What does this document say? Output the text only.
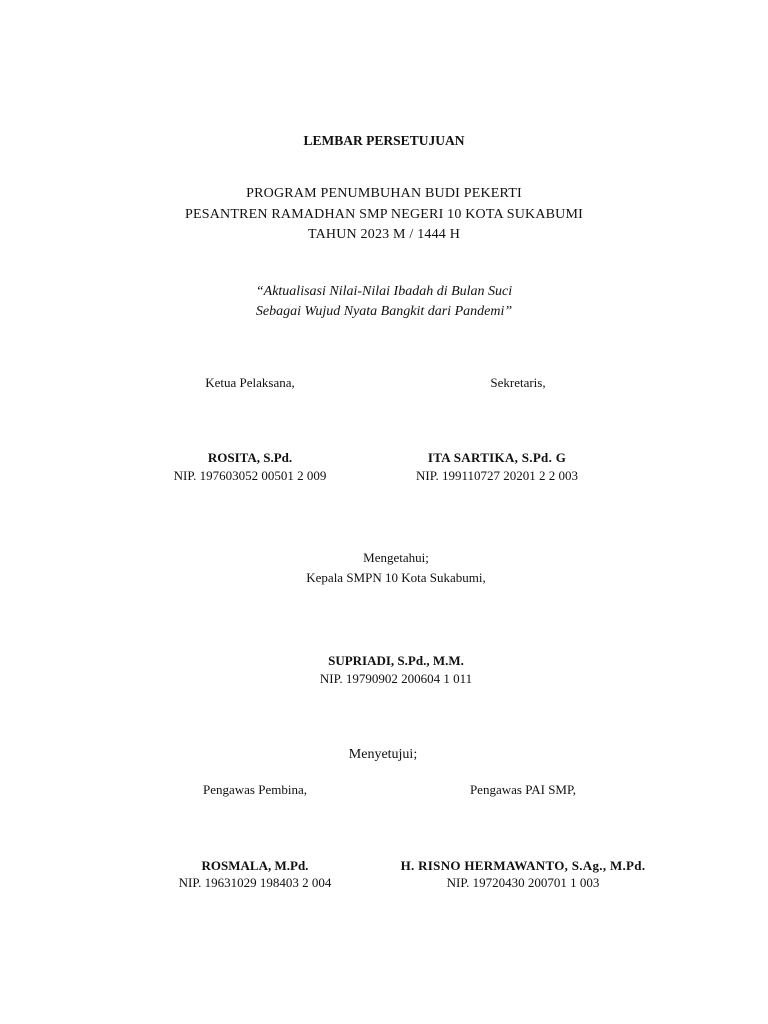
LEMBAR PERSETUJUAN
PROGRAM PENUMBUHAN BUDI PEKERTI
PESANTREN RAMADHAN SMP NEGERI 10 KOTA SUKABUMI
TAHUN 2023 M / 1444 H
“Aktualisasi Nilai-Nilai Ibadah di Bulan Suci
Sebagai Wujud Nyata Bangkit dari Pandemi”
Ketua Pelaksana,	Sekretaris,
ROSITA, S.Pd.
NIP. 197603052 00501 2 009
ITA SARTIKA, S.Pd. G
NIP. 199110727 20201 2 2 003
Mengetahui;
Kepala SMPN 10 Kota Sukabumi,
SUPRIADI, S.Pd., M.M.
NIP. 19790902 200604 1 011
Menyetujui;
Pengawas Pembina,	Pengawas PAI SMP,
ROSMALA, M.Pd.
NIP. 19631029 198403 2 004
H. RISNO HERMAWANTO, S.Ag., M.Pd.
NIP. 19720430 200701 1 003
